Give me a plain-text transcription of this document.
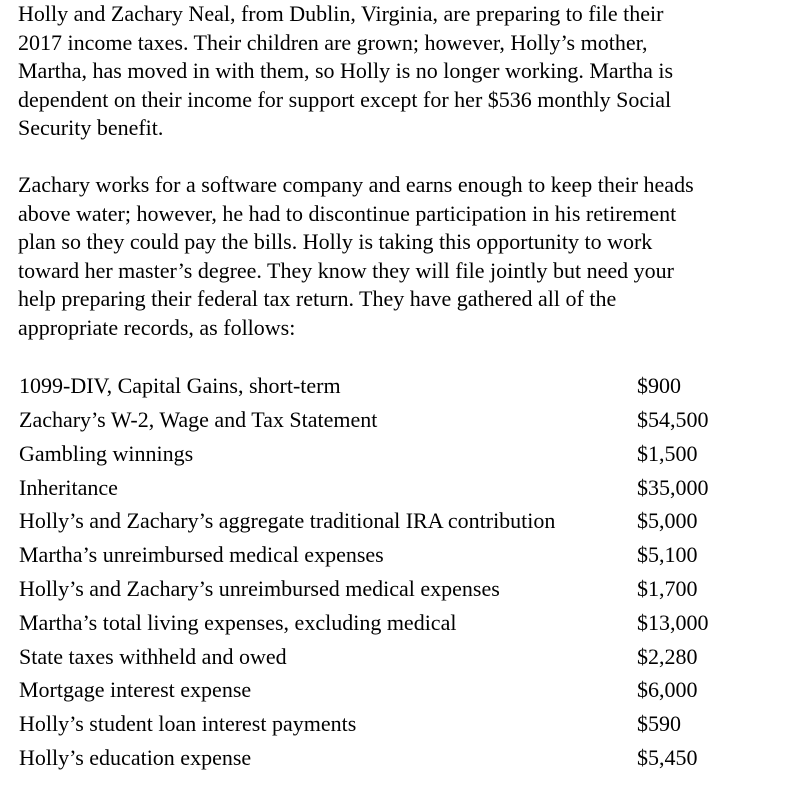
Holly and Zachary Neal, from Dublin, Virginia, are preparing to file their
2017 income taxes. Their children are grown; however, Holly’s mother,
Martha, has moved in with them, so Holly is no longer working. Martha is
dependent on their income for support except for her $536 monthly Social
Security benefit.

Zachary works for a software company and earns enough to keep their heads
above water; however, he had to discontinue participation in his retirement
plan so they could pay the bills. Holly is taking this opportunity to work
toward her master’s degree. They know they will file jointly but need your
help preparing their federal tax return. They have gathered all of the
appropriate records, as follows:

1099-DIV, Capital Gains, short-term	$900
Zachary’s W-2, Wage and Tax Statement	$54,500
Gambling winnings	$1,500
Inheritance	$35,000
Holly’s and Zachary’s aggregate traditional IRA contribution	$5,000
Martha’s unreimbursed medical expenses	$5,100
Holly’s and Zachary’s unreimbursed medical expenses	$1,700
Martha’s total living expenses, excluding medical	$13,000
State taxes withheld and owed	$2,280
Mortgage interest expense	$6,000
Holly’s student loan interest payments	$590
Holly’s education expense	$5,450
